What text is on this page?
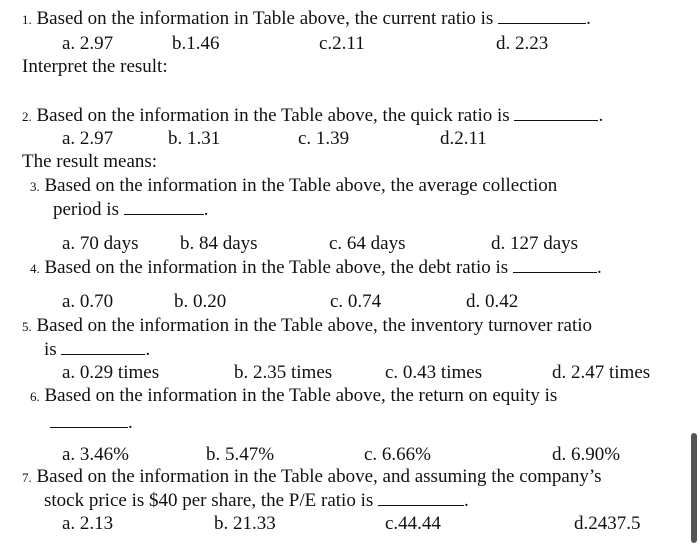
1. Based on the information in Table above, the current ratio is	.
a. 2.97	b.1.46	c.2.11	d. 2.23
Interpret the result:
2. Based on the information in the Table above, the quick ratio is	.
a. 2.97	b. 1.31	c. 1.39	d.2.11
The result means:
3. Based on the information in the Table above, the average collection
period is	.
a. 70 days b. 84 days	c. 64 days	d. 127 days
4. Based on the information in the Table above, the debt ratio is	.
a. 0.70	b. 0.20	c. 0.74	d. 0.42
5. Based on the information in the Table above, the inventory turnover ratio
is	.
a. 0.29 times	b. 2.35 times	c. 0.43 times	d. 2.47 times
6. Based on the information in the Table above, the return on equity is
.
a. 3.46%	b. 5.47%	c. 6.66%	d. 6.90%
7. Based on the information in the Table above, and assuming the company’s
stock price is $40 per share, the P/E ratio is	.
a. 2.13	b. 21.33	c.44.44	d.2437.5
